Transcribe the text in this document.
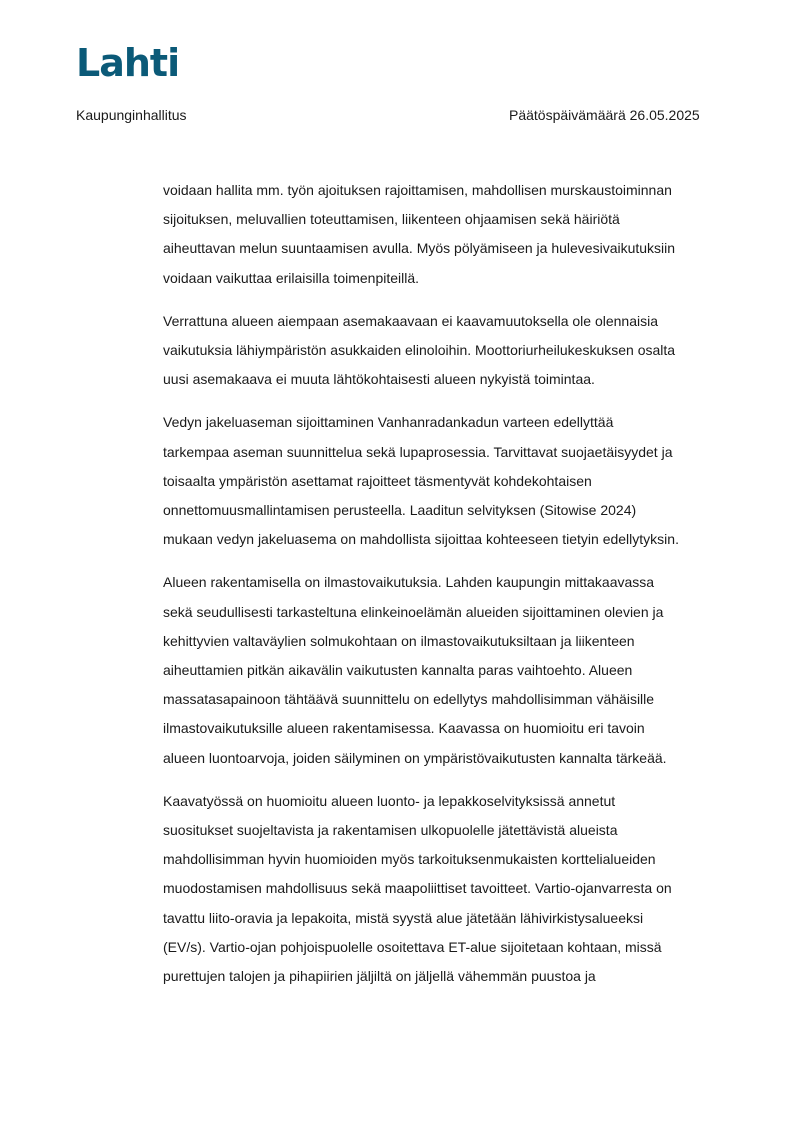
Lahti
Kaupunginhallitus	Päätöspäivämäärä 26.05.2025

voidaan hallita mm. työn ajoituksen rajoittamisen, mahdollisen murskaustoiminnan
sijoituksen, meluvallien toteuttamisen, liikenteen ohjaamisen sekä häiriötä
aiheuttavan melun suuntaamisen avulla. Myös pölyämiseen ja hulevesivaikutuksiin
voidaan vaikuttaa erilaisilla toimenpiteillä.

Verrattuna alueen aiempaan asemakaavaan ei kaavamuutoksella ole olennaisia
vaikutuksia lähiympäristön asukkaiden elinoloihin. Moottoriurheilukeskuksen osalta
uusi asemakaava ei muuta lähtökohtaisesti alueen nykyistä toimintaa.

Vedyn jakeluaseman sijoittaminen Vanhanradankadun varteen edellyttää
tarkempaa aseman suunnittelua sekä lupaprosessia. Tarvittavat suojaetäisyydet ja
toisaalta ympäristön asettamat rajoitteet täsmentyvät kohdekohtaisen
onnettomuusmallintamisen perusteella. Laaditun selvityksen (Sitowise 2024)
mukaan vedyn jakeluasema on mahdollista sijoittaa kohteeseen tietyin edellytyksin.

Alueen rakentamisella on ilmastovaikutuksia. Lahden kaupungin mittakaavassa
sekä seudullisesti tarkasteltuna elinkeinoelämän alueiden sijoittaminen olevien ja
kehittyvien valtaväylien solmukohtaan on ilmastovaikutuksiltaan ja liikenteen
aiheuttamien pitkän aikavälin vaikutusten kannalta paras vaihtoehto. Alueen
massatasapainoon tähtäävä suunnittelu on edellytys mahdollisimman vähäisille
ilmastovaikutuksille alueen rakentamisessa. Kaavassa on huomioitu eri tavoin
alueen luontoarvoja, joiden säilyminen on ympäristövaikutusten kannalta tärkeää.

Kaavatyössä on huomioitu alueen luonto- ja lepakkoselvityksissä annetut
suositukset suojeltavista ja rakentamisen ulkopuolelle jätettävistä alueista
mahdollisimman hyvin huomioiden myös tarkoituksenmukaisten korttelialueiden
muodostamisen mahdollisuus sekä maapoliittiset tavoitteet. Vartio-ojanvarresta on
tavattu liito-oravia ja lepakoita, mistä syystä alue jätetään lähivirkistysalueeksi
(EV/s). Vartio-ojan pohjoispuolelle osoitettava ET-alue sijoitetaan kohtaan, missä
purettujen talojen ja pihapiirien jäljiltä on jäljellä vähemmän puustoa ja
